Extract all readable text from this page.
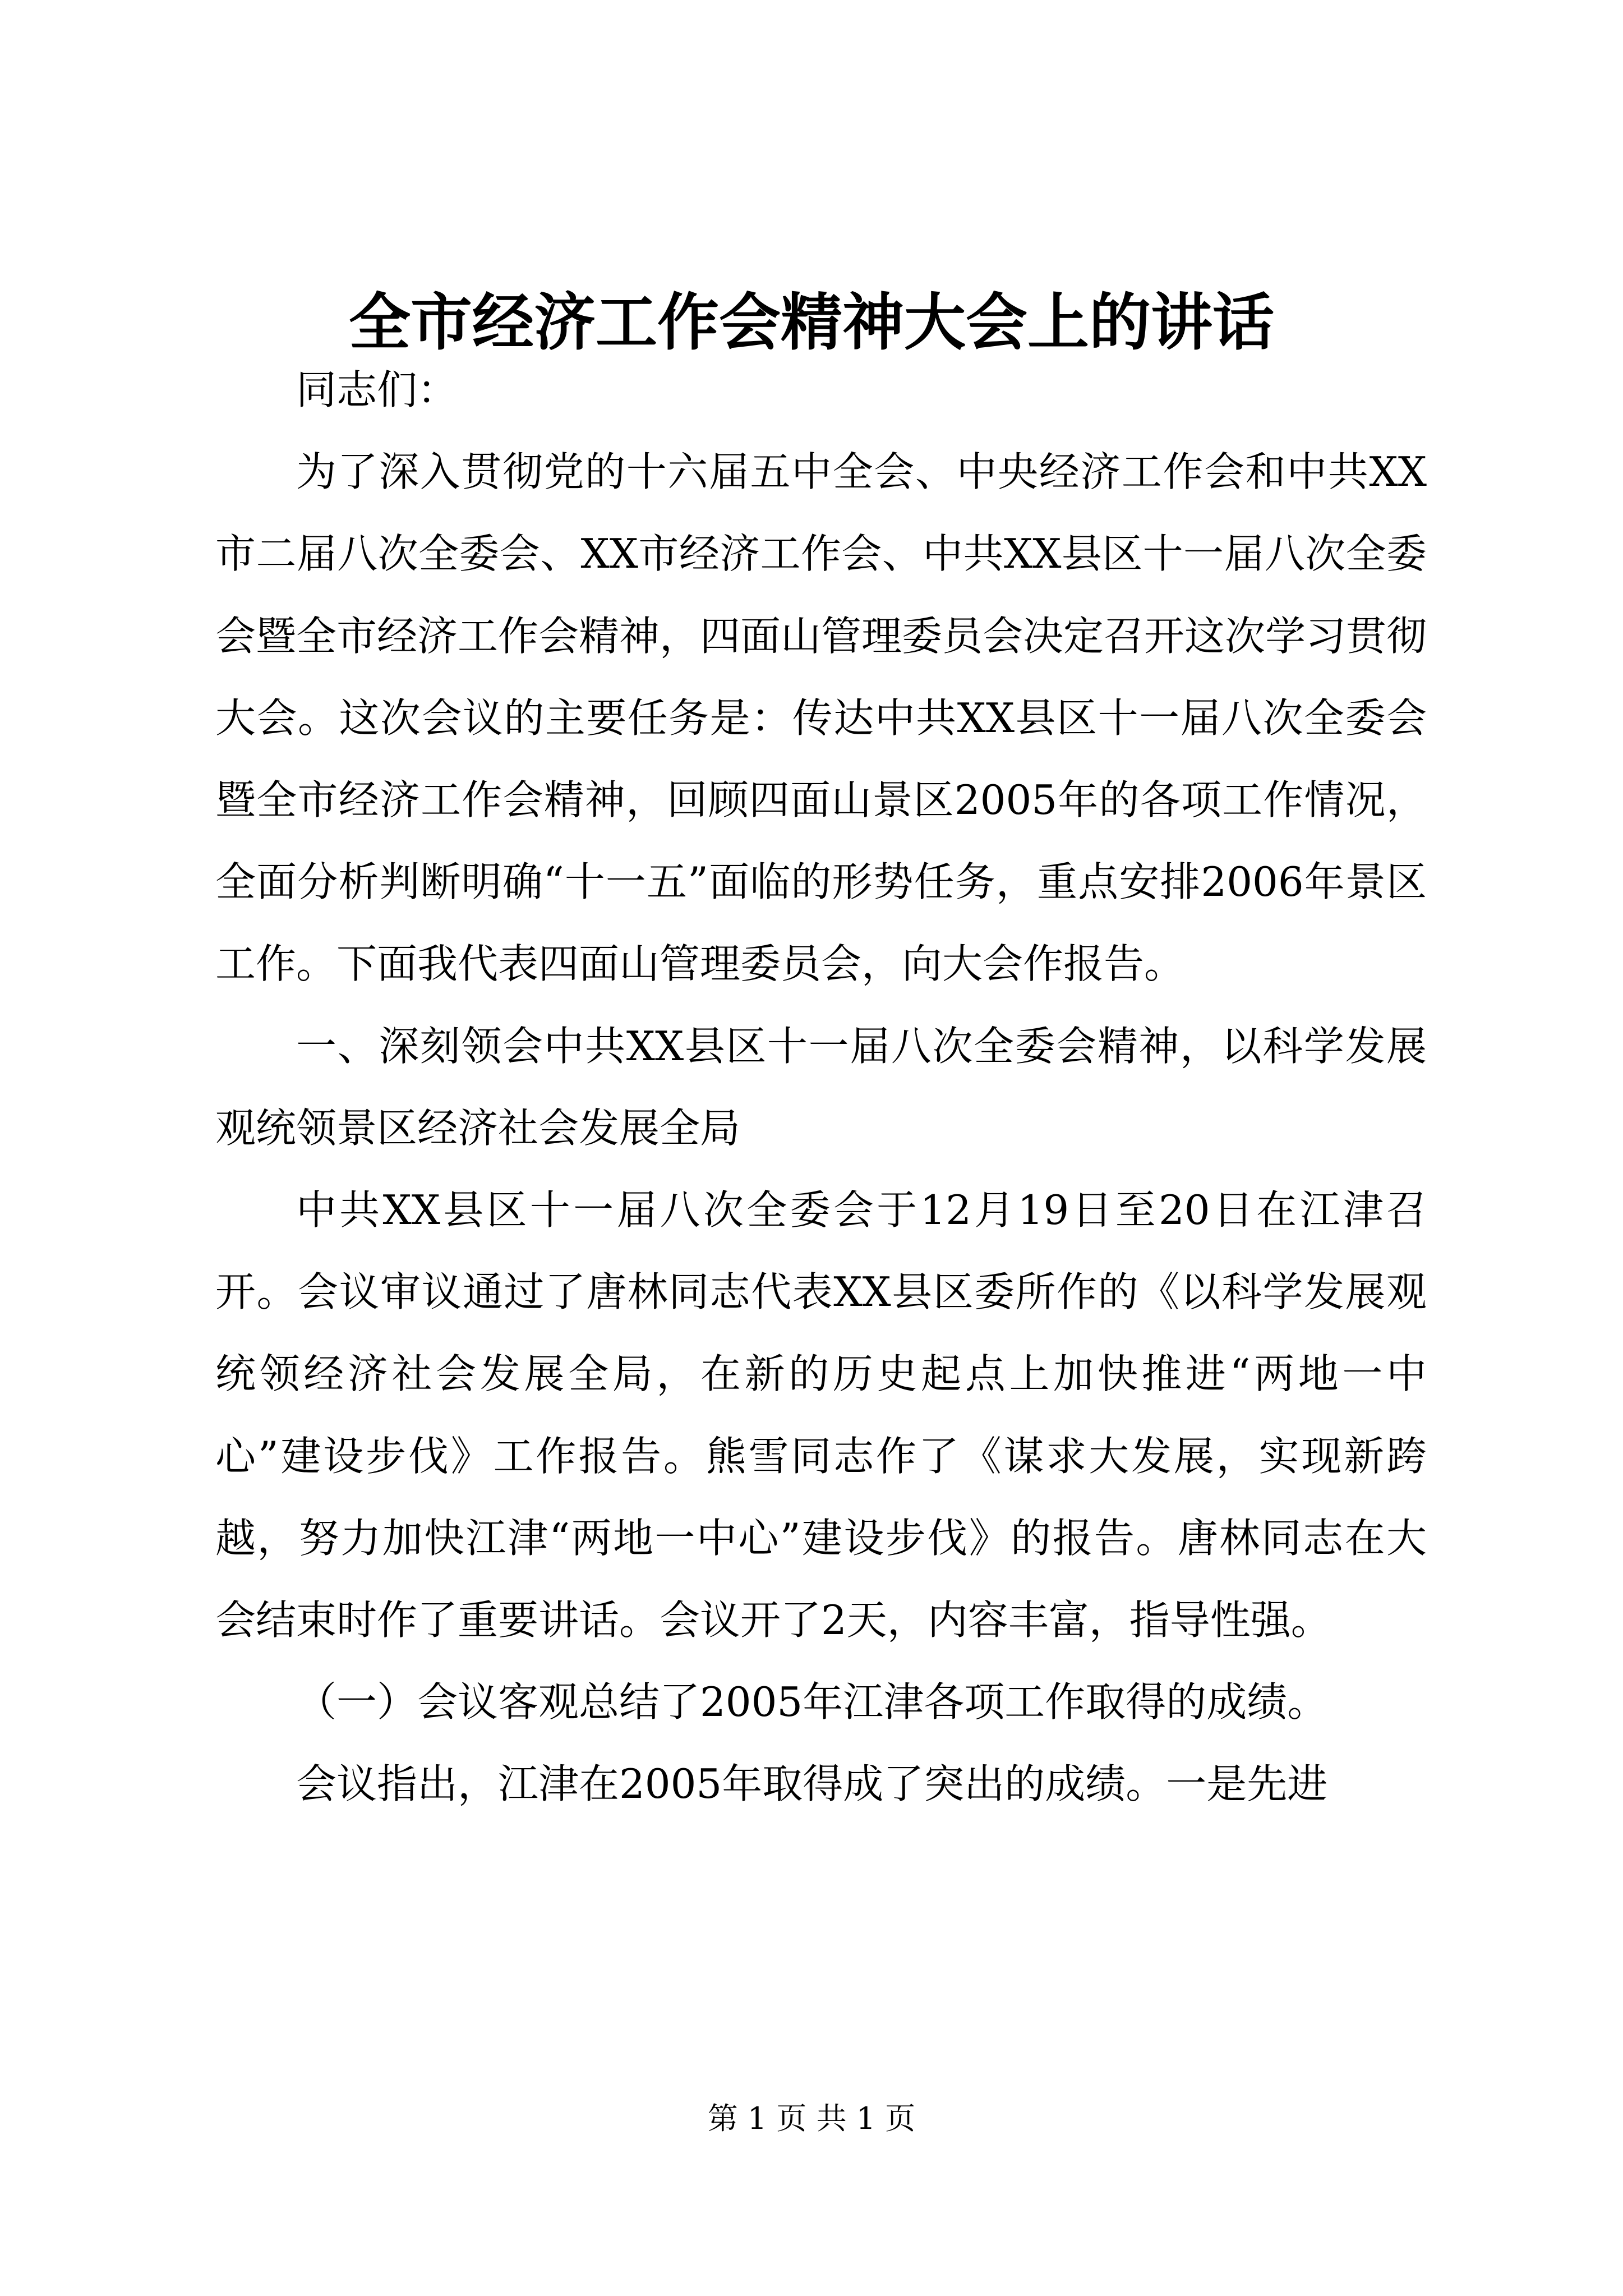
全市经济工作会精神大会上的讲话

同志们：

为了深入贯彻党的十六届五中全会、中央经济工作会和中共XX市二届八次全委会、XX市经济工作会、中共XX县区十一届八次全委会暨全市经济工作会精神，四面山管理委员会决定召开这次学习贯彻大会。这次会议的主要任务是：传达中共XX县区十一届八次全委会暨全市经济工作会精神，回顾四面山景区2005年的各项工作情况，全面分析判断明确“十一五”面临的形势任务，重点安排2006年景区工作。下面我代表四面山管理委员会，向大会作报告。

一、深刻领会中共XX县区十一届八次全委会精神，以科学发展观统领景区经济社会发展全局

中共XX县区十一届八次全委会于12月19日至20日在江津召开。会议审议通过了唐林同志代表XX县区委所作的《以科学发展观统领经济社会发展全局，在新的历史起点上加快推进“两地一中心”建设步伐》工作报告。熊雪同志作了《谋求大发展，实现新跨越，努力加快江津“两地一中心”建设步伐》的报告。唐林同志在大会结束时作了重要讲话。会议开了2天，内容丰富，指导性强。

（一）会议客观总结了2005年江津各项工作取得的成绩。

会议指出，江津在2005年取得成了突出的成绩。一是先进

第 1 页 共 1 页
